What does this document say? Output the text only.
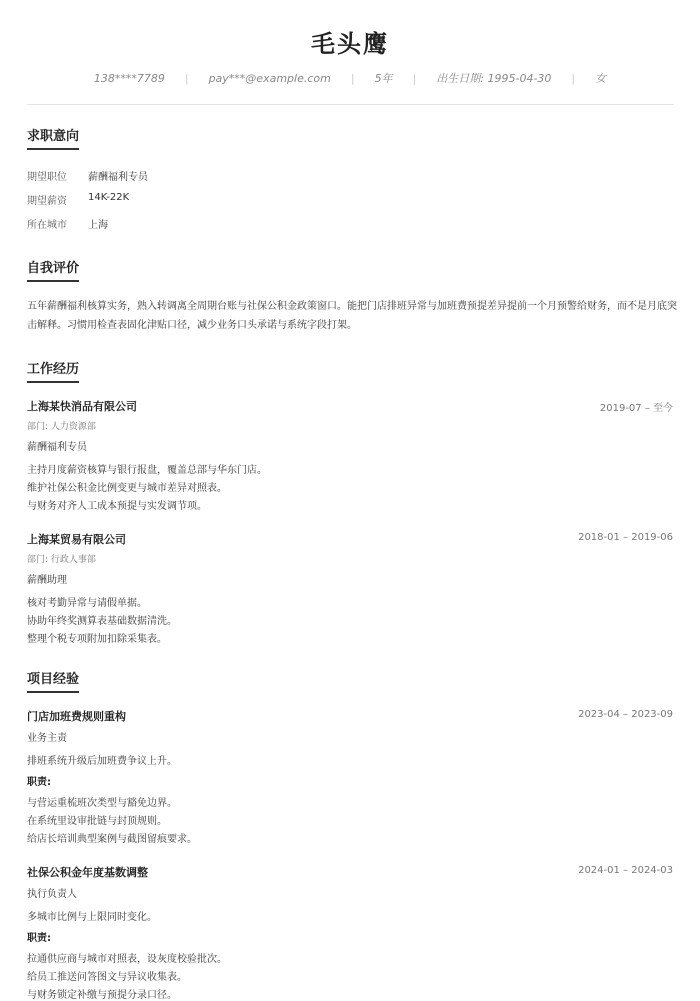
毛头鹰
138****7789	|	pay***@example.com	|	5年	|	出生日期: 1995-04-30	|	女
求职意向
期望职位	薪酬福利专员
期望薪资	14K-22K
所在城市	上海
自我评价
五年薪酬福利核算实务，熟入转调离全周期台账与社保公积金政策窗口。能把门店排班异常与加班费预提差异提前一个月预警给财务，而不是月底突击解释。习惯用检查表固化津贴口径，减少业务口头承诺与系统字段打架。
工作经历
上海某快消品有限公司	2019-07 – 至今
部门: 人力资源部
薪酬福利专员
主持月度薪资核算与银行报盘，覆盖总部与华东门店。
维护社保公积金比例变更与城市差异对照表。
与财务对齐人工成本预提与实发调节项。
上海某贸易有限公司	2018-01 – 2019-06
部门: 行政人事部
薪酬助理
核对考勤异常与请假单据。
协助年终奖测算表基础数据清洗。
整理个税专项附加扣除采集表。
项目经验
门店加班费规则重构	2023-04 – 2023-09
业务主责
排班系统升级后加班费争议上升。
职责:
与营运重梳班次类型与豁免边界。
在系统里设审批链与封顶规则。
给店长培训典型案例与截图留痕要求。
社保公积金年度基数调整	2024-01 – 2024-03
执行负责人
多城市比例与上限同时变化。
职责:
拉通供应商与城市对照表，设灰度校验批次。
给员工推送问答图文与异议收集表。
与财务锁定补缴与预提分录口径。
